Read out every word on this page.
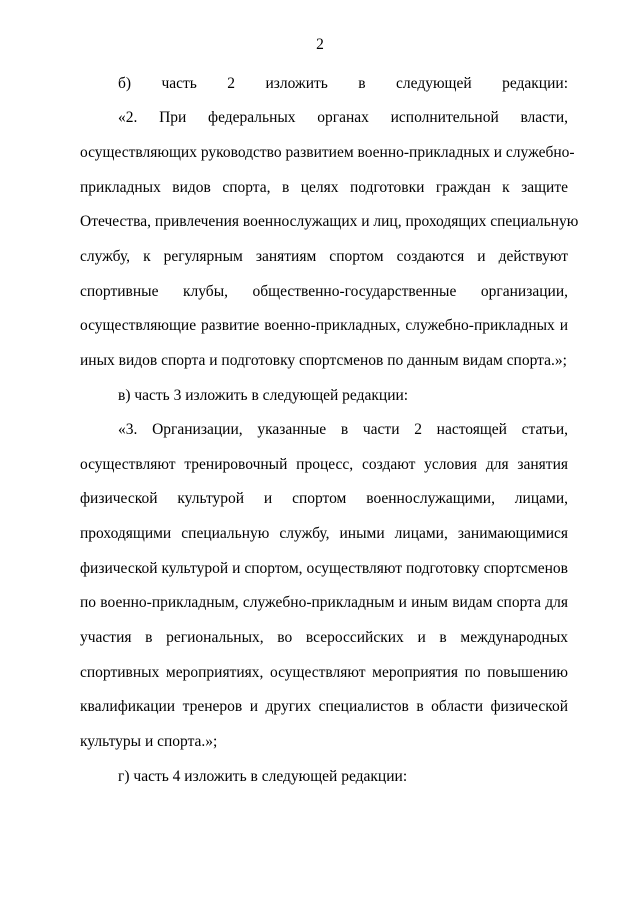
2
б) часть 2 изложить в следующей редакции:
«2. При федеральных органах исполнительной власти,
осуществляющих руководство развитием военно-прикладных и служебно-
прикладных видов спорта, в целях подготовки граждан к защите
Отечества, привлечения военнослужащих и лиц, проходящих специальную
службу, к регулярным занятиям спортом создаются и действуют
спортивные клубы, общественно-государственные организации,
осуществляющие развитие военно-прикладных, служебно-прикладных и
иных видов спорта и подготовку спортсменов по данным видам спорта.»;
в) часть 3 изложить в следующей редакции:
«3. Организации, указанные в части 2 настоящей статьи,
осуществляют тренировочный процесс, создают условия для занятия
физической культурой и спортом военнослужащими, лицами,
проходящими специальную службу, иными лицами, занимающимися
физической культурой и спортом, осуществляют подготовку спортсменов
по военно-прикладным, служебно-прикладным и иным видам спорта для
участия в региональных, во всероссийских и в международных
спортивных мероприятиях, осуществляют мероприятия по повышению
квалификации тренеров и других специалистов в области физической
культуры и спорта.»;
г) часть 4 изложить в следующей редакции:
